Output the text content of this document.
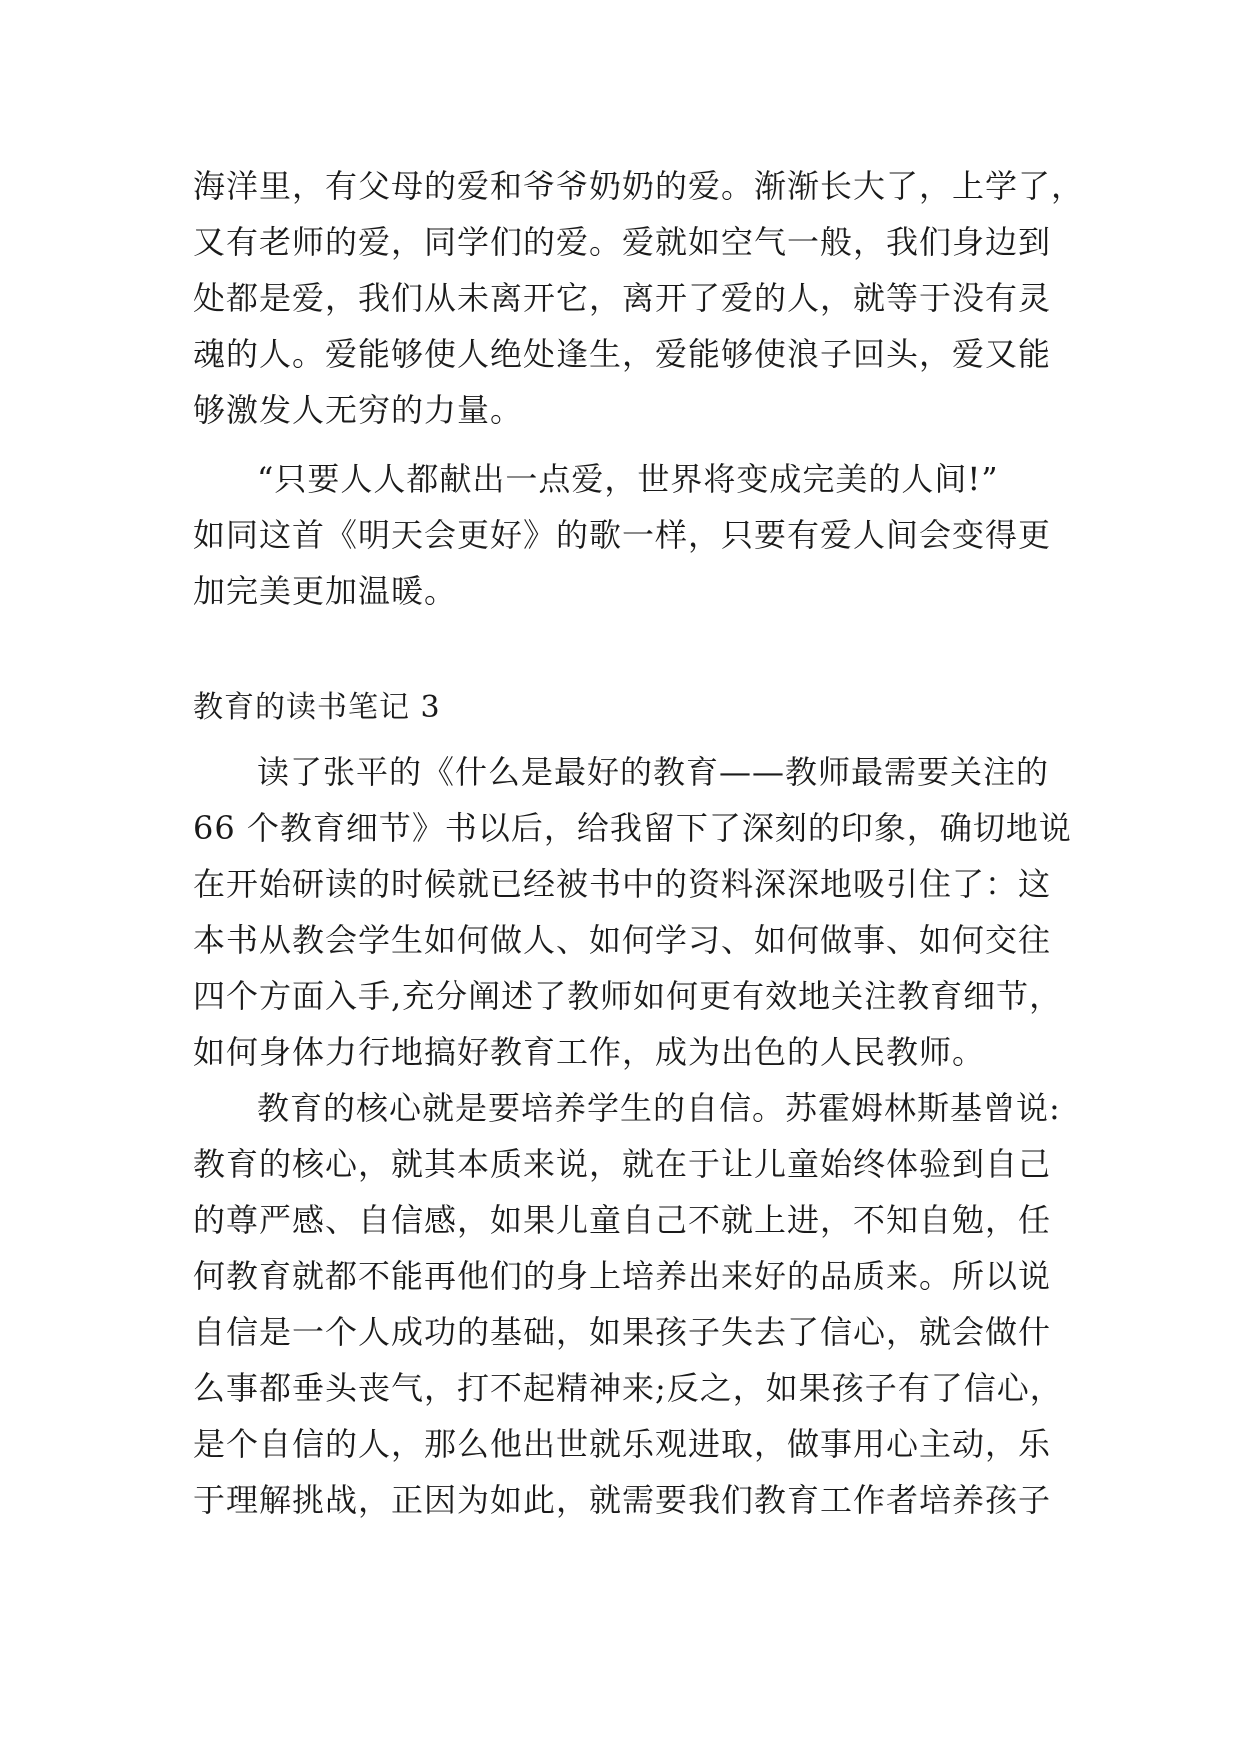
海洋里，有父母的爱和爷爷奶奶的爱。渐渐长大了，上学了，
又有老师的爱，同学们的爱。爱就如空气一般，我们身边到
处都是爱，我们从未离开它，离开了爱的人，就等于没有灵
魂的人。爱能够使人绝处逢生，爱能够使浪子回头，爱又能
够激发人无穷的力量。
“只要人人都献出一点爱，世界将变成完美的人间!”
如同这首《明天会更好》的歌一样，只要有爱人间会变得更
加完美更加温暖。
教育的读书笔记 3
读了张平的《什么是最好的教育——教师最需要关注的
66 个教育细节》书以后，给我留下了深刻的印象，确切地说
在开始研读的时候就已经被书中的资料深深地吸引住了：这
本书从教会学生如何做人、如何学习、如何做事、如何交往
四个方面入手,充分阐述了教师如何更有效地关注教育细节，
如何身体力行地搞好教育工作，成为出色的人民教师。
教育的核心就是要培养学生的自信。苏霍姆林斯基曾说:
教育的核心，就其本质来说，就在于让儿童始终体验到自己
的尊严感、自信感，如果儿童自己不就上进，不知自勉，任
何教育就都不能再他们的身上培养出来好的品质来。所以说
自信是一个人成功的基础，如果孩子失去了信心，就会做什
么事都垂头丧气，打不起精神来;反之，如果孩子有了信心，
是个自信的人，那么他出世就乐观进取，做事用心主动，乐
于理解挑战，正因为如此，就需要我们教育工作者培养孩子
